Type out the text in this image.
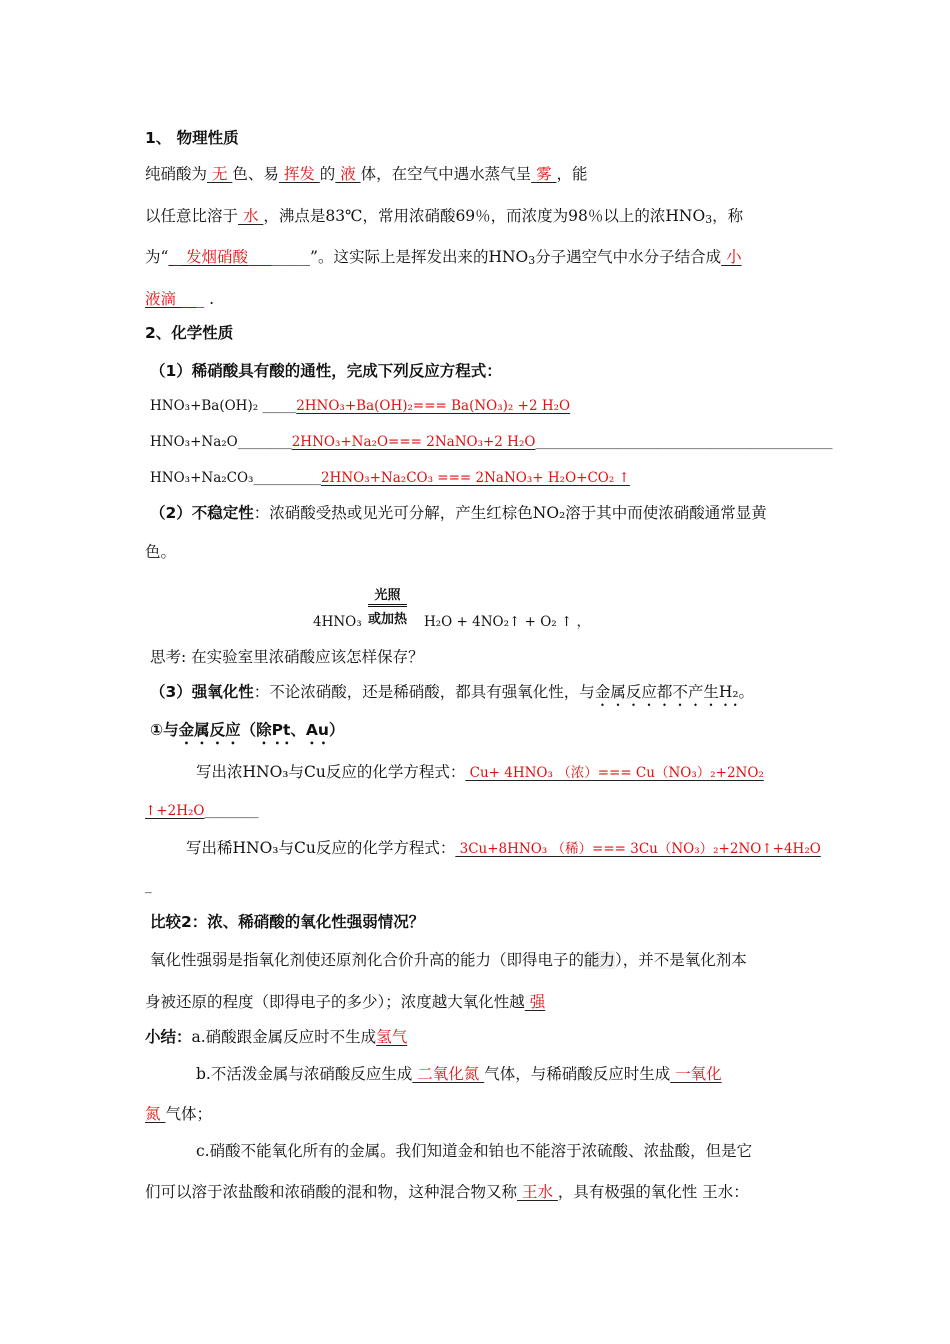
1、 物理性质
纯硝酸为 无 色、易 挥发 的 液 体，在空气中遇水蒸气呈 雾 ，能
以任意比溶于 水 ，沸点是83℃，常用浓硝酸69％，而浓度为98％以上的浓$HNO_3$，称
为“ _ 发烟硝酸________”。这实际上是挥发出来的$HNO_3$分子遇空气中水分子结合成 小
液滴 ___ .
2、化学性质
（1）稀硝酸具有酸的通性，完成下列反应方程式：
HNO₃+Ba(OH)₂ _____2HNO₃+Ba(OH)₂=== Ba(NO₃)₂ +2 H₂O
HNO₃+Na₂O________2HNO₃+Na₂O=== 2NaNO₃+2 H₂O____________________________________________
HNO₃+Na₂CO₃__________2HNO₃+Na₂CO₃ === 2NaNO₃+ H₂O+CO₂ ↑
（2）不稳定性：浓硝酸受热或见光可分解，产生红棕色NO₂溶于其中而使浓硝酸通常显黄
色。
4HNO₃
光照
或加热 H₂O + 4NO₂↑ + O₂ ↑ ，
思考: 在实验室里浓硝酸应该怎样保存？
（3）强氧化性：不论浓硝酸，还是稀硝酸，都具有强氧化性，与金属反应都不产生H₂。
①与金属反应（除Pt、Au）
写出浓HNO₃与Cu反应的化学方程式： Cu+ 4HNO₃ （浓）=== Cu（NO₃）₂+2NO₂
↑+2H₂O________
写出稀HNO₃与Cu反应的化学方程式： 3Cu+8HNO₃ （稀）=== 3Cu（NO₃）₂+2NO↑+4H₂O
_
比较2：浓、稀硝酸的氧化性强弱情况？
氧化性强弱是指氧化剂使还原剂化合价升高的能力（即得电子的能力），并不是氧化剂本
身被还原的程度（即得电子的多少）；浓度越大氧化性越 强
小结：a.硝酸跟金属反应时不生成氢气
b.不活泼金属与浓硝酸反应生成 二氧化氮 气体，与稀硝酸反应时生成 一氧化
氮 气体；
c.硝酸不能氧化所有的金属。我们知道金和铂也不能溶于浓硫酸、浓盐酸，但是它
们可以溶于浓盐酸和浓硝酸的混和物，这种混合物又称 王水 ，具有极强的氧化性 王水：
